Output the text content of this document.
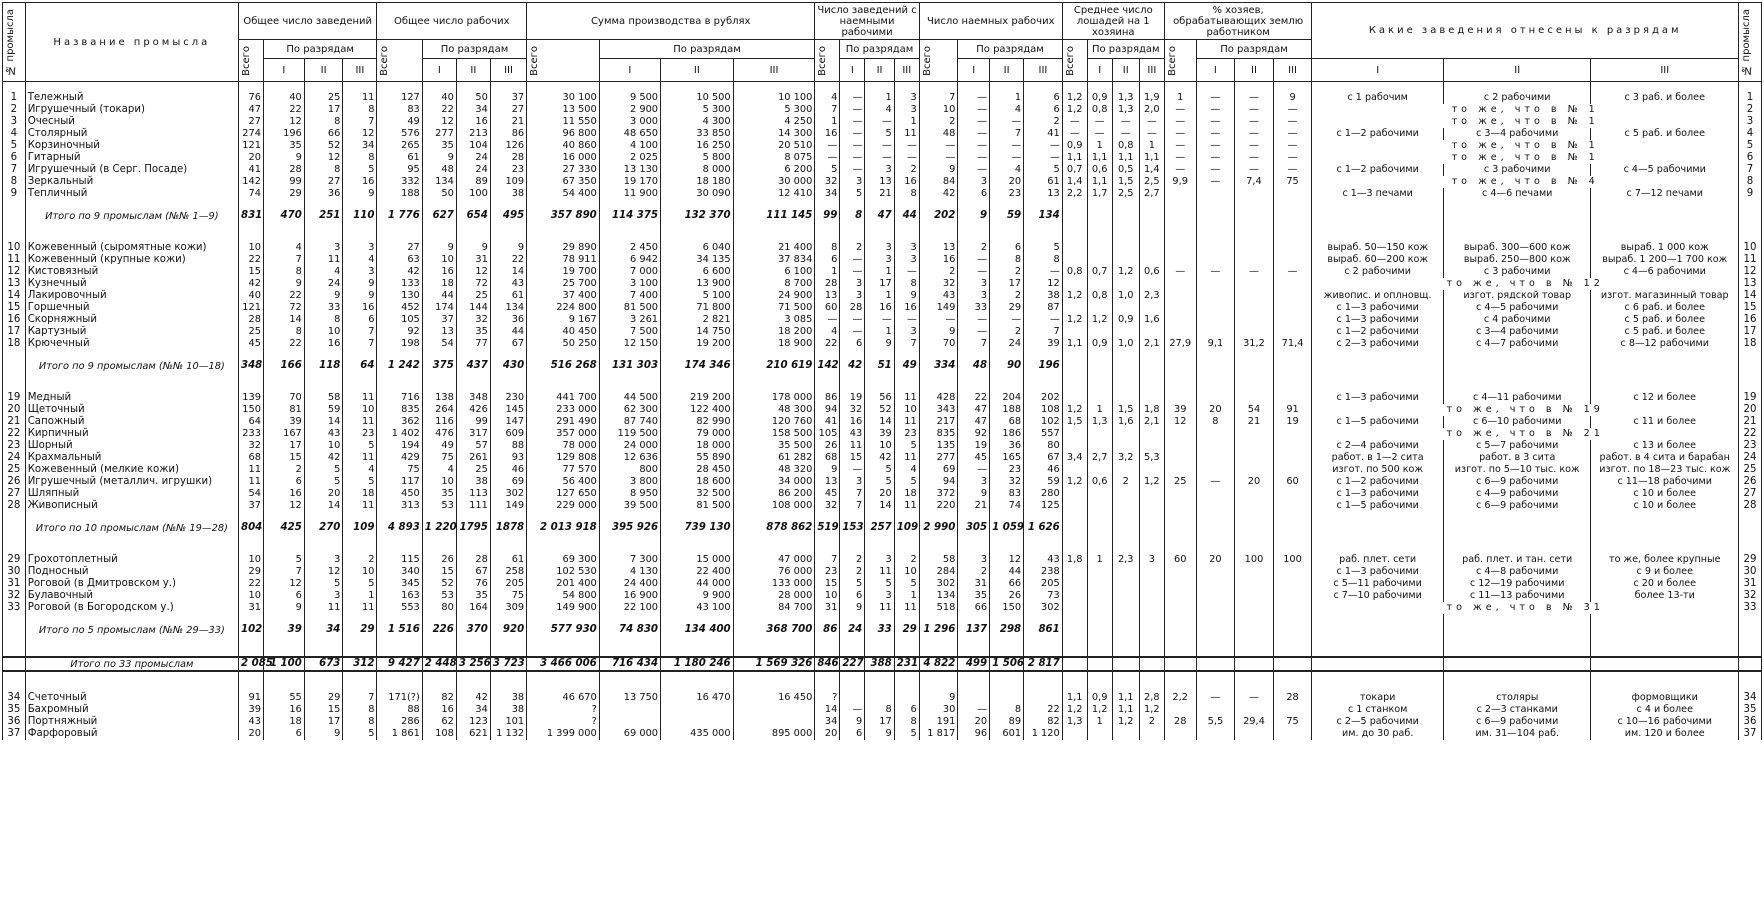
№ промысла	Название промысла	Общее число заведений				Общее число рабочих				Сумма производства в рублях				Число заведений с наемными рабочими				Число наемных рабочих				Среднее число лошадей на 1 хозяина				% хозяев, обрабатывающих землю работником				Какие заведения отнесены к разрядам			№ промысла

		Всего	По разрядам			Всего	По разрядам			Всего	По разрядам			Всего	По разрядам			Всего	По разрядам			Всего	По разрядам			Всего	По разрядам						
			I	II	III		I	II	III		I	II	III		I	II	III		I	II	III		I	II	III		I	II	III	I	II	III	

1	Тележный	76	40	25	11	127	40	50	37	30 100	9 500	10 500	10 100	4	—	1	3	7	—	1	6	1,2	0,9	1,3	1,9	1	—	—	9	с 1 рабочим	с 2 рабочими	с 3 раб. и более	1
2	Игрушечный (токари)	47	22	17	8	83	22	34	27	13 500	2 900	5 300	5 300	7	—	4	3	10	—	4	6	1,2	0,8	1,3	2,0	—	—	—	—	то же, что в № 1			2
3	Очесный	27	12	8	7	49	12	16	21	11 550	3 000	4 300	4 250	1	—	—	1	2	—	—	2	—	—	—	—	—	—	—	—	то же, что в № 1			3
4	Столярный	274	196	66	12	576	277	213	86	96 800	48 650	33 850	14 300	16	—	5	11	48	—	7	41	—	—	—	—	—	—	—	—	с 1—2 рабочими	с 3—4 рабочими	с 5 раб. и более	4
5	Корзиночный	121	35	52	34	265	35	104	126	40 860	4 100	16 250	20 510	—	—	—	—	—	—	—	—	0,9	1	0,8	1	—	—	—	—	то же, что в № 1			5
6	Гитарный	20	9	12	8	61	9	24	28	16 000	2 025	5 800	8 075	—	—	—	—	—	—	—	—	1,1	1,1	1,1	1,1	—	—	—	—	то же, что в № 1			6
7	Игрушечный (в Серг. Посаде)	41	28	8	5	95	48	24	23	27 330	13 130	8 000	6 200	5	—	3	2	9	—	4	5	0,7	0,6	0,5	1,4	—	—	—	—	с 1—2 рабочими	с 3 рабочими	с 4—5 рабочими	7
8	Зеркальный	142	99	27	16	332	134	89	109	67 350	19 170	18 180	30 000	32	3	13	16	84	3	20	61	1,4	1,1	1,5	2,5	9,9	—	7,4	75	то же, что в № 4			8
9	Тепличный	74	29	36	9	188	50	100	38	54 400	11 900	30 090	12 410	34	5	21	8	42	6	23	13	2,2	1,7	2,5	2,7					с 1—3 печами	с 4—6 печами	с 7—12 печами	9

	Итого по 9 промыслам (№№ 1—9)	831	470	251	110	1 776	627	654	495	357 890	114 375	132 370	111 145	99	8	47	44	202	9	59	134												

10	Кожевенный (сыромятные кожи)	10	4	3	3	27	9	9	9	29 890	2 450	6 040	21 400	8	2	3	3	13	2	6	5									выраб. 50—150 кож	выраб. 300—600 кож	выраб. 1 000 кож	10
11	Кожевенный (крупные кожи)	22	7	11	4	63	10	31	22	78 911	6 942	34 135	37 834	6	—	3	3	16	—	8	8									выраб. 60—200 кож	выраб. 250—800 кож	выраб. 1 200—1 700 кож	11
12	Кистовязный	15	8	4	3	42	16	12	14	19 700	7 000	6 600	6 100	1	—	1	—	2	—	2	—	0,8	0,7	1,2	0,6	—	—	—	—	с 2 рабочими	с 3 рабочими	с 4—6 рабочими	12
13	Кузнечный	42	9	24	9	133	18	72	43	25 700	3 100	13 900	8 700	28	3	17	8	32	3	17	12									то же, что в № 12			13
14	Лакировочный	40	22	9	9	130	44	25	61	37 400	7 400	5 100	24 900	13	3	1	9	43	3	2	38	1,2	0,8	1,0	2,3					живопис. и оплновщ.	изгот. рядской товар	изгот. магазинный товар	14
15	Горшечный	121	72	33	16	452	174	144	134	224 800	81 500	71 800	71 500	60	28	16	16	149	33	29	87									с 1—3 рабочими	с 4—5 рабочими	с 6 раб. и более	15
16	Скорняжный	28	14	8	6	105	37	32	36	9 167	3 261	2 821	3 085	—	—	—	—	—	—	—	—	1,2	1,2	0,9	1,6					с 1—3 рабочими	с 4 рабочими	с 5 раб. и более	16
17	Картузный	25	8	10	7	92	13	35	44	40 450	7 500	14 750	18 200	4	—	1	3	9	—	2	7									с 1—2 рабочими	с 3—4 рабочими	с 5 раб. и более	17
18	Крючечный	45	22	16	7	198	54	77	67	50 250	12 150	19 200	18 900	22	6	9	7	70	7	24	39	1,1	0,9	1,0	2,1	27,9	9,1	31,2	71,4	с 2—3 рабочими	с 4—7 рабочими	с 8—12 рабочими	18

	Итого по 9 промыслам (№№ 10—18)	348	166	118	64	1 242	375	437	430	516 268	131 303	174 346	210 619	142	42	51	49	334	48	90	196												

19	Медный	139	70	58	11	716	138	348	230	441 700	44 500	219 200	178 000	86	19	56	11	428	22	204	202									с 1—3 рабочими	с 4—11 рабочими	с 12 и более	19
20	Щеточный	150	81	59	10	835	264	426	145	233 000	62 300	122 400	48 300	94	32	52	10	343	47	188	108	1,2	1	1,5	1,8	39	20	54	91	то же, что в № 19			20
21	Сапожный	64	39	14	11	362	116	99	147	291 490	87 740	82 990	120 760	41	16	14	11	217	47	68	102	1,5	1,3	1,6	2,1	12	8	21	19	с 1—5 рабочими	с 6—10 рабочими	с 11 и более	21
22	Кирпичный	233	167	43	23	1 402	476	317	609	357 000	119 500	79 000	158 500	105	43	39	23	835	92	186	557									то же, что в № 21			22
23	Шорный	32	17	10	5	194	49	57	88	78 000	24 000	18 000	35 500	26	11	10	5	135	19	36	80									с 2—4 рабочими	с 5—7 рабочими	с 13 и более	23
24	Крахмальный	68	15	42	11	429	75	261	93	129 808	12 636	55 890	61 282	68	15	42	11	277	45	165	67	3,4	2,7	3,2	5,3					работ. в 1—2 сита	работ. в 3 сита	работ. в 4 сита и барабан	24
25	Кожевенный (мелкие кожи)	11	2	5	4	75	4	25	46	77 570	800	28 450	48 320	9	—	5	4	69	—	23	46									изгот. по 500 кож	изгот. по 5—10 тыс. кож	изгот. по 18—23 тыс. кож	25
26	Игрушечный (металлич. игрушки)	11	6	5	5	117	10	38	69	56 400	3 800	18 600	34 000	13	3	5	5	94	3	32	59	1,2	0,6	2	1,2	25	—	20	60	с 1—2 рабочими	с 6—9 рабочими	с 11—18 рабочими	26
27	Шляпный	54	16	20	18	450	35	113	302	127 650	8 950	32 500	86 200	45	7	20	18	372	9	83	280									с 1—3 рабочими	с 4—9 рабочими	с 10 и более	27
28	Живописный	37	12	14	11	313	53	111	149	229 000	39 500	81 500	108 000	32	7	14	11	220	21	74	125									с 1—5 рабочими	с 6—9 рабочими	с 10 и более	28

	Итого по 10 промыслам (№№ 19—28)	804	425	270	109	4 893	1 220	1795	1878	2 013 918	395 926	739 130	878 862	519	153	257	109	2 990	305	1 059	1 626												

29	Грохотоплетный	10	5	3	2	115	26	28	61	69 300	7 300	15 000	47 000	7	2	3	2	58	3	12	43	1,8	1	2,3	3	60	20	100	100	раб. плет. сети	раб. плет. и тан. сети	то же, более крупные	29
30	Подносный	29	7	12	10	340	15	67	258	102 530	4 130	22 400	76 000	23	2	11	10	284	2	44	238									с 1—3 рабочими	с 4—8 рабочими	с 9 и более	30
31	Роговой (в Дмитровском у.)	22	12	5	5	345	52	76	205	201 400	24 400	44 000	133 000	15	5	5	5	302	31	66	205									с 5—11 рабочими	с 12—19 рабочими	с 20 и более	31
32	Булавочный	10	6	3	1	163	53	35	75	54 800	16 900	9 900	28 000	10	6	3	1	134	35	26	73									с 7—10 рабочими	с 11—13 рабочими	более 13-ти	32
33	Роговой (в Богородском у.)	31	9	11	11	553	80	164	309	149 900	22 100	43 100	84 700	31	9	11	11	518	66	150	302									то же, что в № 31			33

	Итого по 5 промыслам (№№ 29—33)	102	39	34	29	1 516	226	370	920	577 930	74 830	134 400	368 700	86	24	33	29	1 296	137	298	861												

	Итого по 33 промыслам	2 085	1 100	673	312	9 427	2 448	3 256	3 723	3 466 006	716 434	1 180 246	1 569 326	846	227	388	231	4 822	499	1 506	2 817												

34	Счеточный	91	55	29	7	171(?)	82	42	38	46 670	13 750	16 470	16 450	?				9				1,1	0,9	1,1	2,8	2,2	—	—	28	токари	столяры	формовщики	34
35	Бахромный	39	16	15	8	88	16	34	38	?				14	—	8	6	30	—	8	22	1,2	1,2	1,1	1,2					с 1 станком	с 2—3 станками	с 4 и более	35
36	Портняжный	43	18	17	8	286	62	123	101	?				34	9	17	8	191	20	89	82	1,3	1	1,2	2	28	5,5	29,4	75	с 2—5 рабочими	с 6—9 рабочими	с 10—16 рабочими	36
37	Фарфоровый	20	6	9	5	1 861	108	621	1 132	1 399 000	69 000	435 000	895 000	20	6	9	5	1 817	96	601	1 120									им. до 30 раб.	им. 31—104 раб.	им. 120 и более	37
